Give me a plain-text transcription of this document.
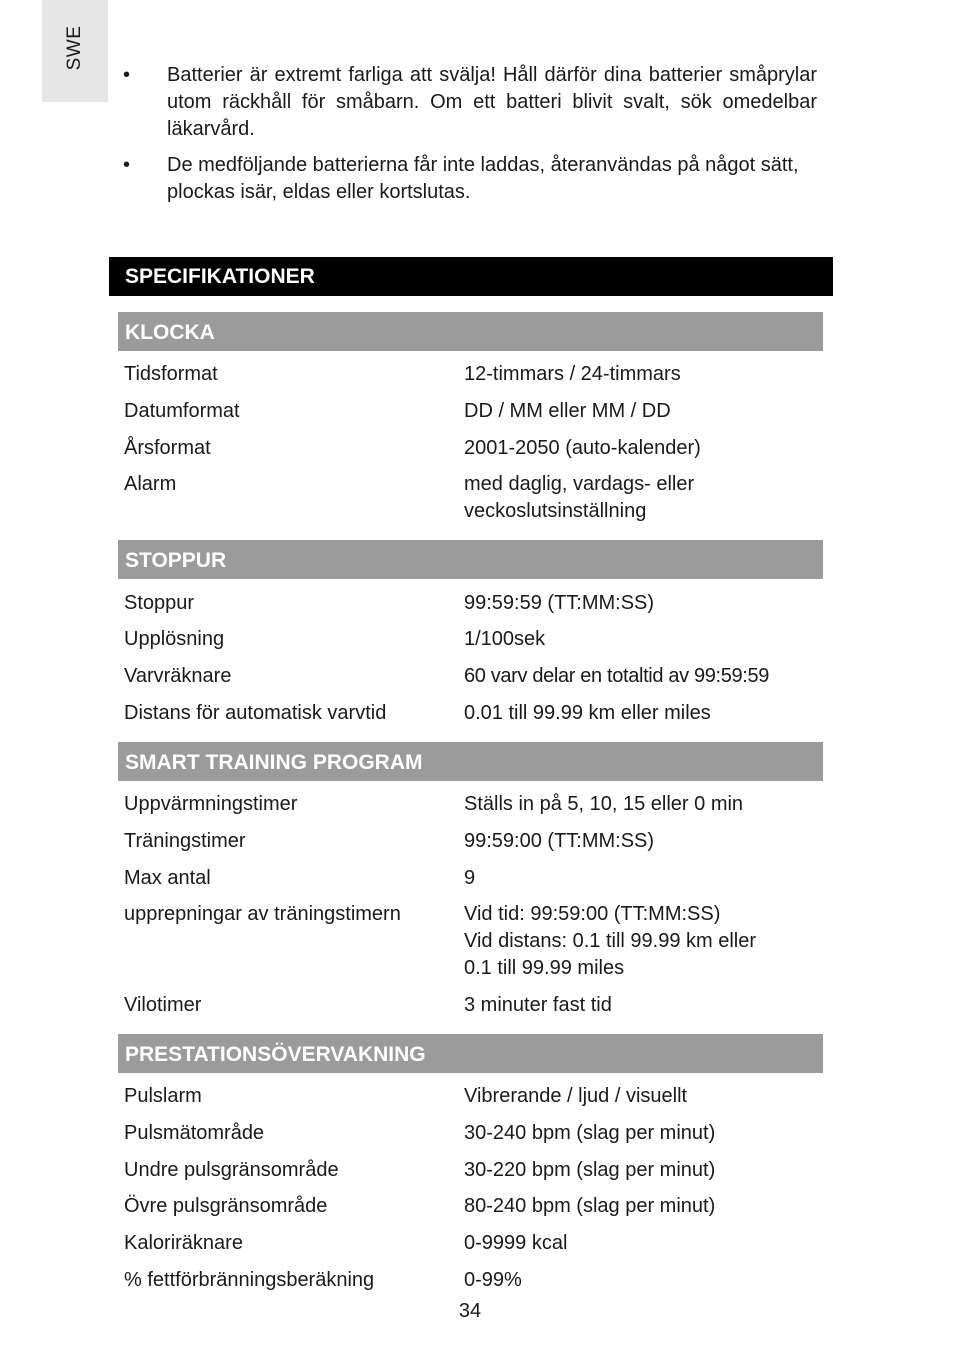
SWE
•	Batterier är extremt farliga att svälja! Håll därför dina batterier småprylar utom räckhåll för småbarn. Om ett batteri blivit svalt, sök omedelbar läkarvård.
•	De medföljande batterierna får inte laddas, återanvändas på något sätt, plockas isär, eldas eller kortslutas.
SPECIFIKATIONER
KLOCKA
Tidsformat	12-timmars / 24-timmars
Datumformat	DD / MM eller MM / DD
Årsformat	2001-2050 (auto-kalender)
Alarm	med daglig, vardags- eller
veckoslutsinställning
STOPPUR
Stoppur	99:59:59 (TT:MM:SS)
Upplösning	1/100sek
Varvräknare	60 varv delar en totaltid av 99:59:59
Distans för automatisk varvtid	0.01 till 99.99 km eller miles
SMART TRAINING PROGRAM
Uppvärmningstimer	Ställs in på 5, 10, 15 eller 0 min
Träningstimer	99:59:00 (TT:MM:SS)
Max antal	9
upprepningar av träningstimern	Vid tid: 99:59:00 (TT:MM:SS)
Vid distans: 0.1 till 99.99 km eller
0.1 till 99.99 miles
Vilotimer	3 minuter fast tid
PRESTATIONSÖVERVAKNING
Pulslarm	Vibrerande / ljud / visuellt
Pulsmätområde	30-240 bpm (slag per minut)
Undre pulsgränsområde	30-220 bpm (slag per minut)
Övre pulsgränsområde	80-240 bpm (slag per minut)
Kaloriräknare	0-9999 kcal
% fettförbränningsberäkning	0-99%
34
